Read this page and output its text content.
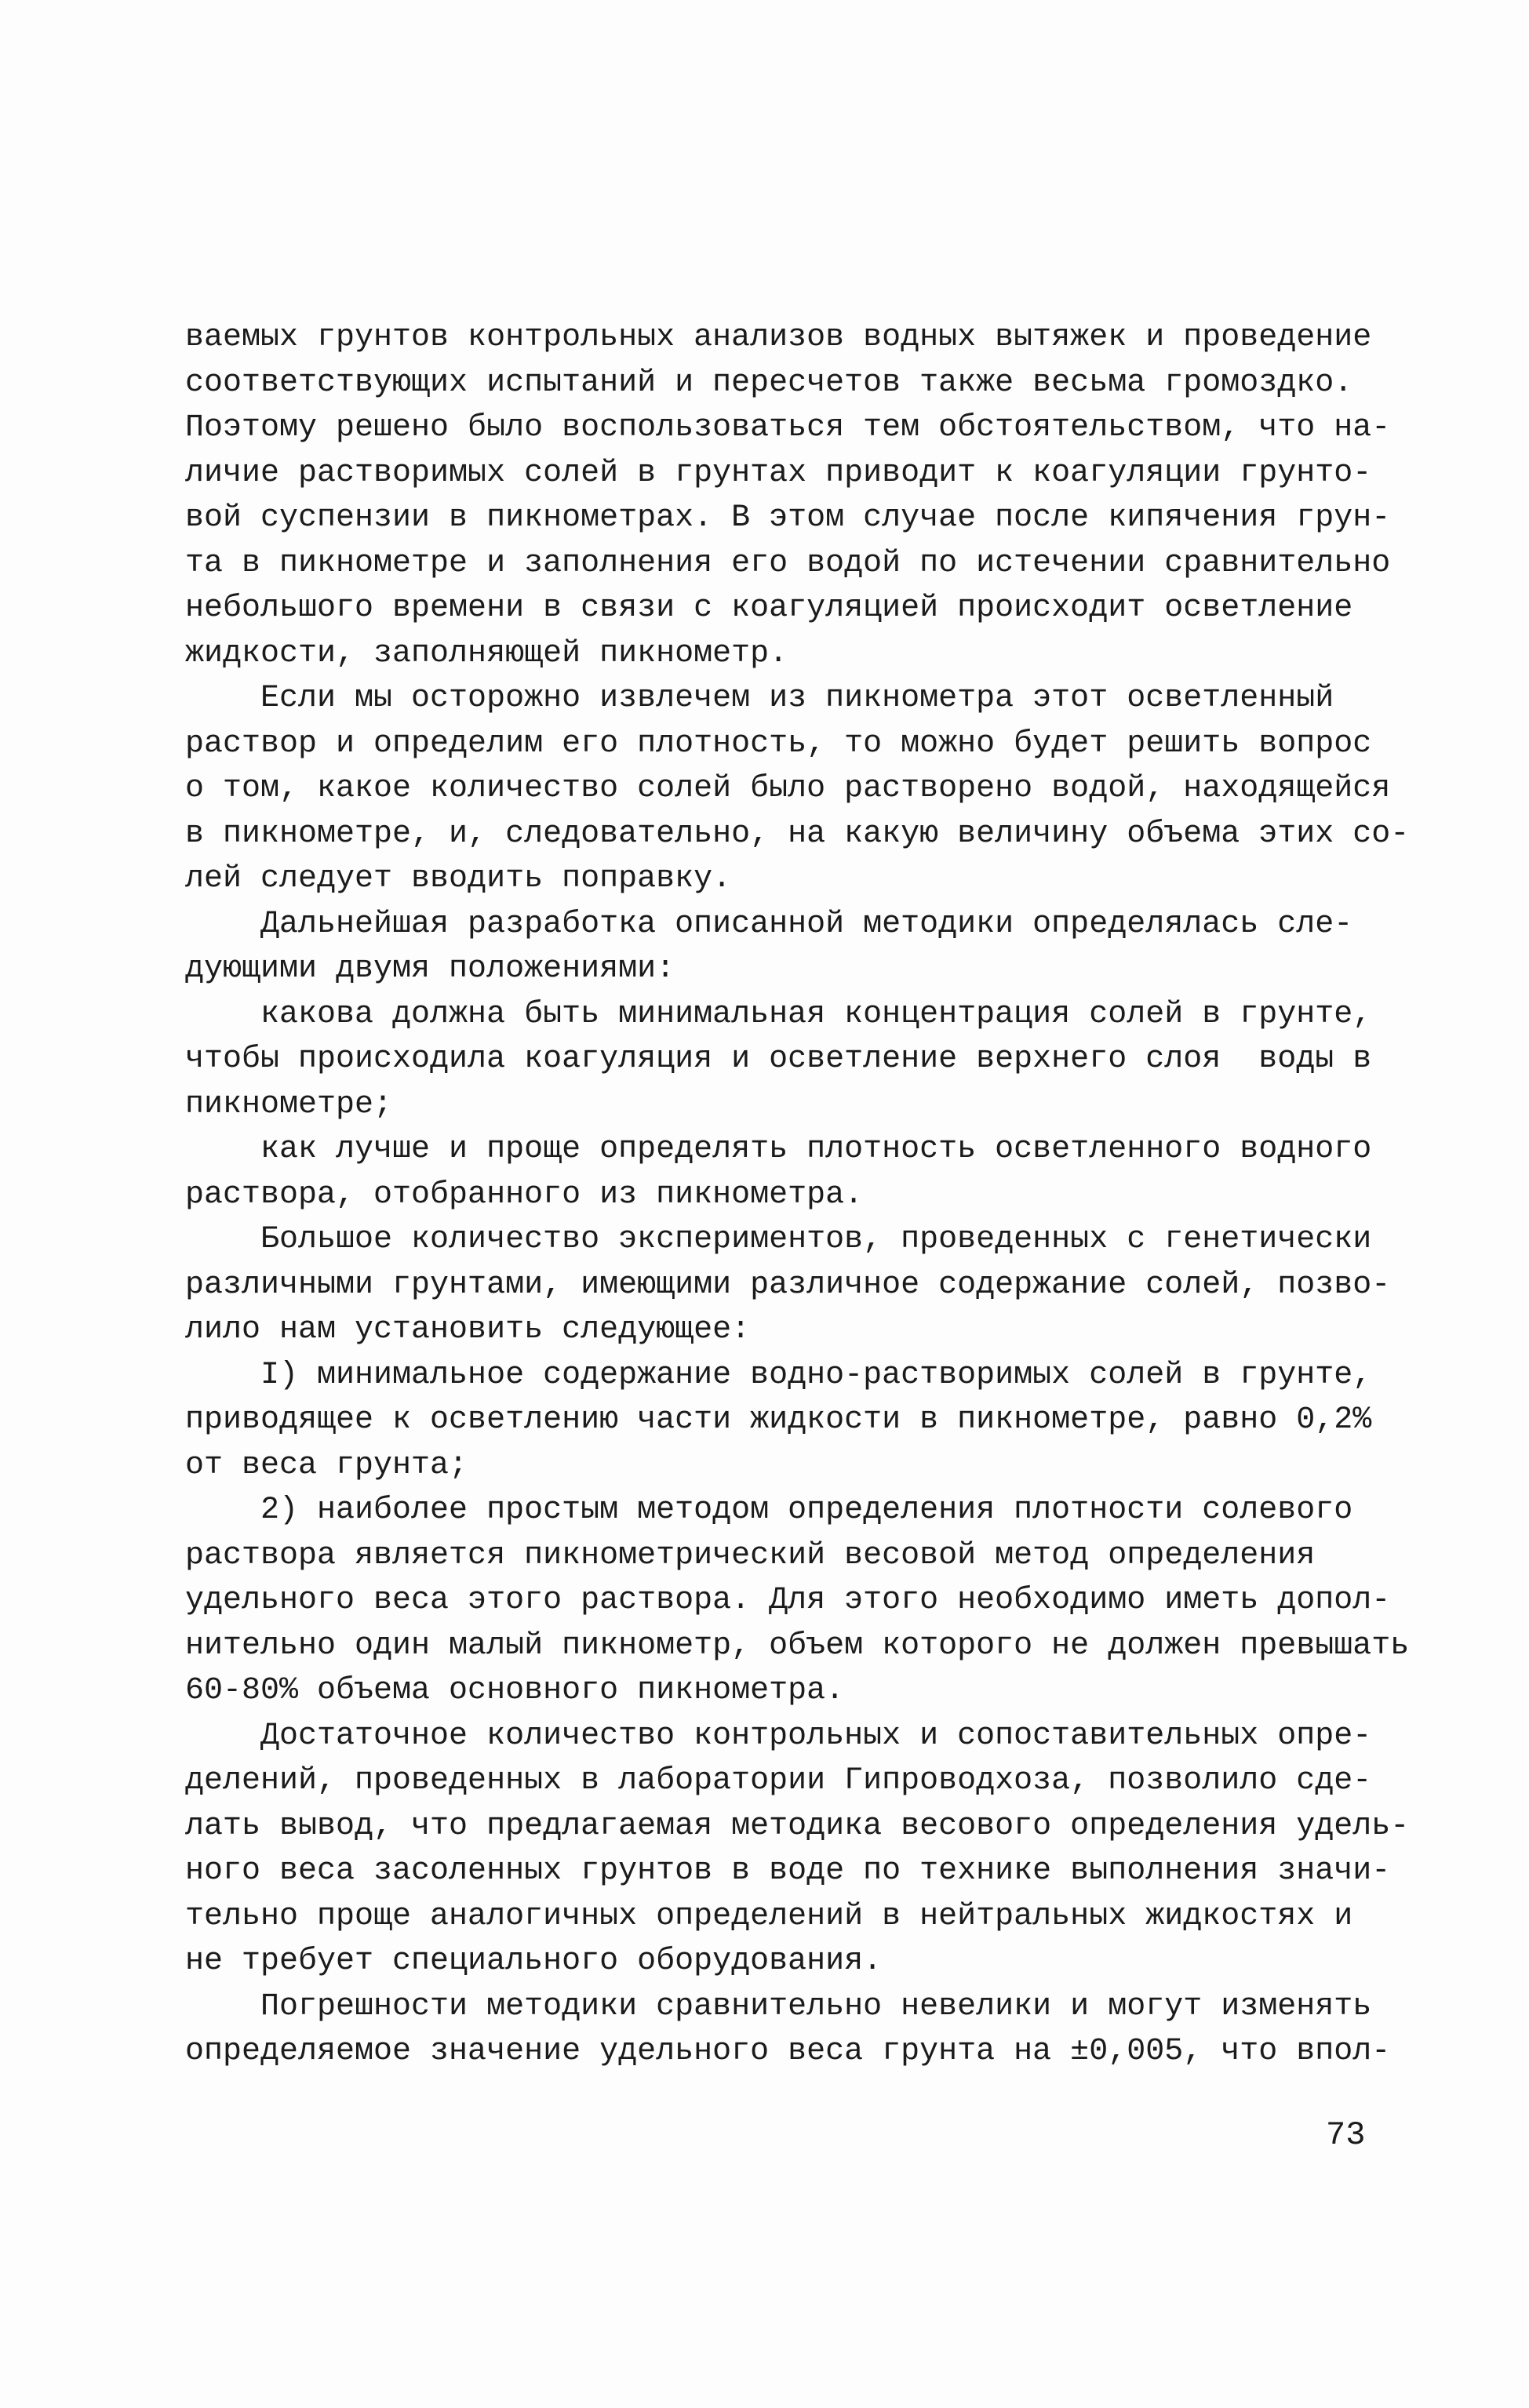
ваемых грунтов контрольных анализов водных вытяжек и проведение
соответствующих испытаний и пересчетов также весьма громоздко.
Поэтому решено было воспользоваться тем обстоятельством, что на-
личие растворимых солей в грунтах приводит к коагуляции грунто-
вой суспензии в пикнометрах. В этом случае после кипячения грун-
та в пикнометре и заполнения его водой по истечении сравнительно
небольшого времени в связи с коагуляцией происходит осветление
жидкости, заполняющей пикнометр.
Если мы осторожно извлечем из пикнометра этот осветленный
раствор и определим его плотность, то можно будет решить вопрос
о том, какое количество солей было растворено водой, находящейся
в пикнометре, и, следовательно, на какую величину объема этих со-
лей следует вводить поправку.
Дальнейшая разработка описанной методики определялась сле-
дующими двумя положениями:
какова должна быть минимальная концентрация солей в грунте,
чтобы происходила коагуляция и осветление верхнего слоя  воды в
пикнометре;
как лучше и проще определять плотность осветленного водного
раствора, отобранного из пикнометра.
Большое количество экспериментов, проведенных с генетически
различными грунтами, имеющими различное содержание солей, позво-
лило нам установить следующее:
I) минимальное содержание водно-растворимых солей в грунте,
приводящее к осветлению части жидкости в пикнометре, равно 0,2%
от веса грунта;
2) наиболее простым методом определения плотности солевого
раствора является пикнометрический весовой метод определения
удельного веса этого раствора. Для этого необходимо иметь допол-
нительно один малый пикнометр, объем которого не должен превышать
60-80% объема основного пикнометра.
Достаточное количество контрольных и сопоставительных опре-
делений, проведенных в лаборатории Гипроводхоза, позволило сде-
лать вывод, что предлагаемая методика весового определения удель-
ного веса засоленных грунтов в воде по технике выполнения значи-
тельно проще аналогичных определений в нейтральных жидкостях и
не требует специального оборудования.
Погрешности методики сравнительно невелики и могут изменять
определяемое значение удельного веса грунта на ±0,005, что впол-
73
